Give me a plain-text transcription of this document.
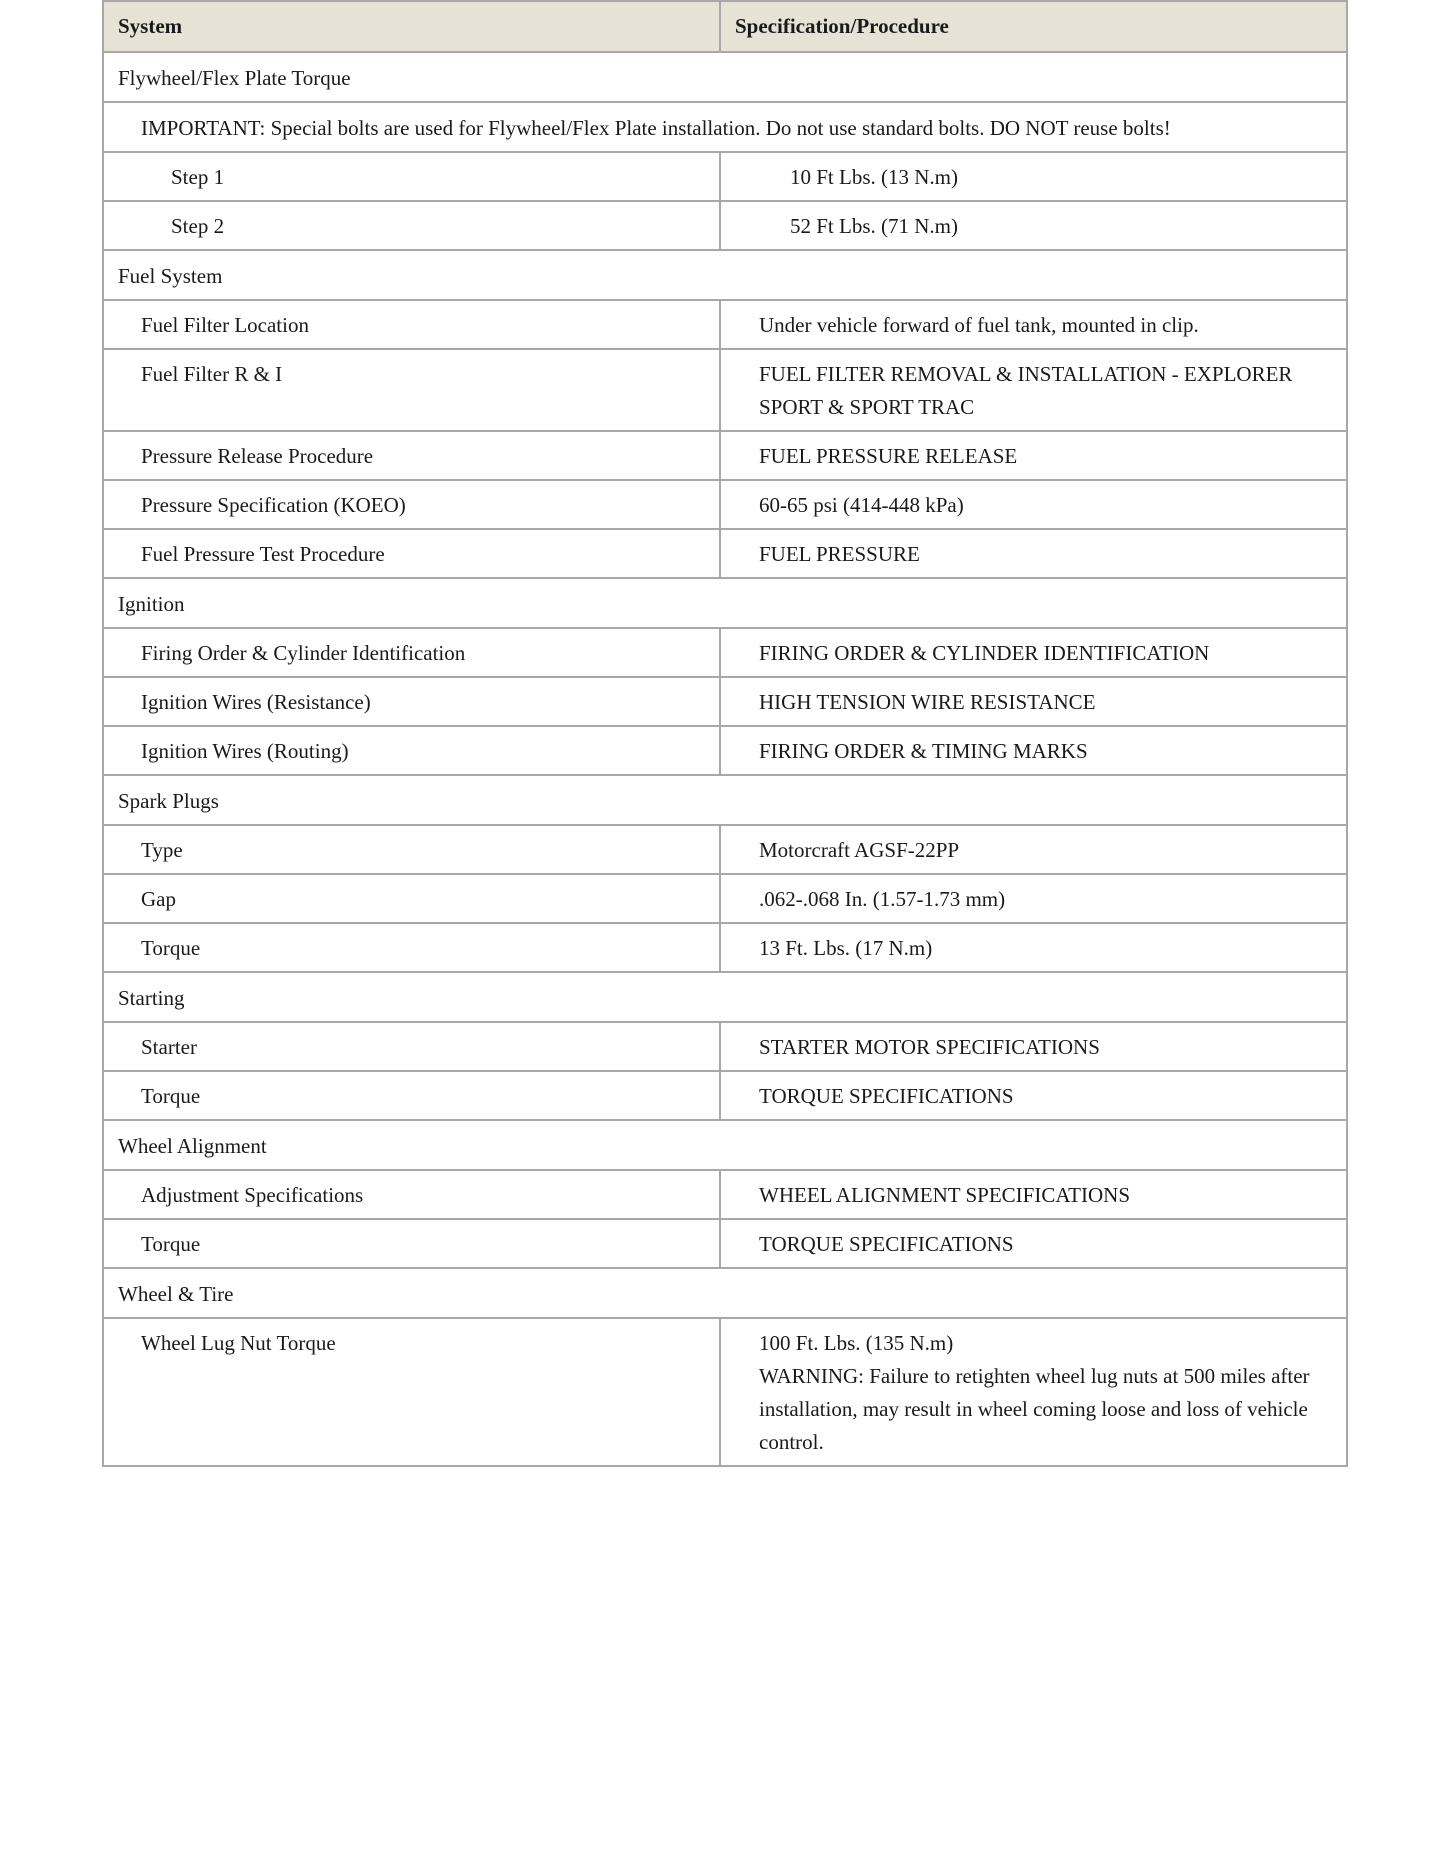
System	Specification/Procedure
Flywheel/Flex Plate Torque	
IMPORTANT: Special bolts are used for Flywheel/Flex Plate installation. Do not use standard bolts. DO NOT reuse bolts!	
Step 1	10 Ft Lbs. (13 N.m)

Step 2	52 Ft Lbs. (71 N.m)

Fuel System	
Fuel Filter Location	Under vehicle forward of fuel tank, mounted in clip.

Fuel Filter R & I	FUEL FILTER REMOVAL & INSTALLATION - EXPLORER SPORT & SPORT TRAC

Pressure Release Procedure	FUEL PRESSURE RELEASE

Pressure Specification (KOEO)	60-65 psi (414-448 kPa)

Fuel Pressure Test Procedure	FUEL PRESSURE

Ignition	
Firing Order & Cylinder Identification	FIRING ORDER & CYLINDER IDENTIFICATION

Ignition Wires (Resistance)	HIGH TENSION WIRE RESISTANCE

Ignition Wires (Routing)	FIRING ORDER & TIMING MARKS

Spark Plugs	
Type	Motorcraft AGSF-22PP

Gap	.062-.068 In. (1.57-1.73 mm)

Torque	13 Ft. Lbs. (17 N.m)

Starting	
Starter	STARTER MOTOR SPECIFICATIONS

Torque	TORQUE SPECIFICATIONS

Wheel Alignment	
Adjustment Specifications	WHEEL ALIGNMENT SPECIFICATIONS

Torque	TORQUE SPECIFICATIONS

Wheel & Tire	
Wheel Lug Nut Torque	100 Ft. Lbs. (135 N.m)
WARNING: Failure to retighten wheel lug nuts at 500 miles after installation, may result in wheel coming loose and loss of vehicle control.
